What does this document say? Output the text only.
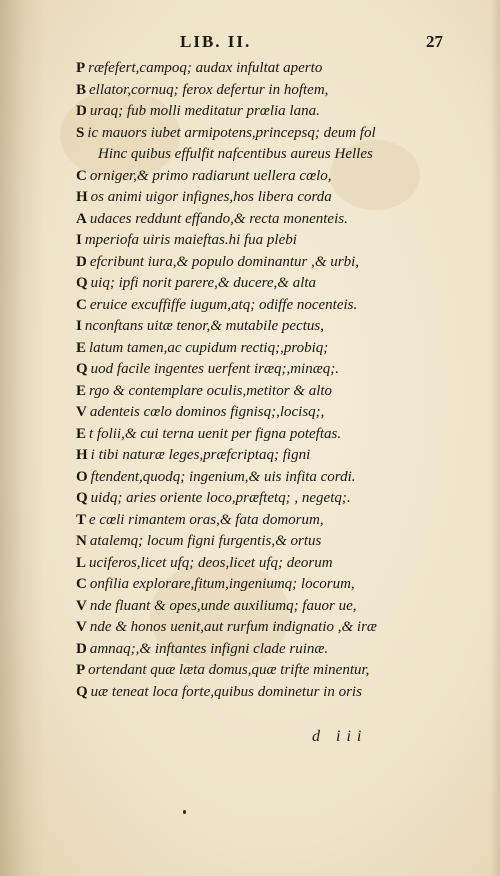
LIB. II.	27
P ræfefert,campoq; audax infultat aperto
B ellator,cornuq; ferox defertur in hoftem,
D uraq; fub molli meditatur prœlia lana.
S ic mauors iubet armipotens,princepsq; deum fol
Hinc quibus effulfit nafcentibus aureus Helles
C orniger,& primo radiarunt uellera cœlo,
H os animi uigor infignes,hos libera corda
A udaces reddunt effando,& recta monenteis.
I mperiofa uiris maieftas.hi fua plebi
D efcribunt iura,& populo dominantur ,& urbi,
Q uiq; ipfi norit parere,& ducere,& alta
C eruice excuffiffe iugum,atq; odiffe nocenteis.
I nconftans uitæ tenor,& mutabile pectus,
E latum tamen,ac cupidum rectiq;,probiq;
Q uod facile ingentes uerfent iræq;,minæq;.
E rgo & contemplare oculis,metitor & alto
V adenteis cœlo dominos fignisq;,locisq;,
E t folii,& cui terna uenit per figna poteftas.
H i tibi naturæ leges,præfcriptaq; figni
O ftendent,quodq; ingenium,& uis infita cordi.
Q uidq; aries oriente loco,præftetq; , negetq;.
T e cœli rimantem oras,& fata domorum,
N atalemq; locum figni furgentis,& ortus
L uciferos,licet ufq; deos,licet ufq; deorum
C onfilia explorare,fitum,ingeniumq; locorum,
V nde fluant & opes,unde auxiliumq; fauor ue,
V nde & honos uenit,aut rurfum indignatio ,& iræ
D amnaq;,& inftantes infigni clade ruinæ.
P ortendant quæ læta domus,quæ trifte minentur,
Q uæ teneat loca forte,quibus dominetur in oris
d iii
